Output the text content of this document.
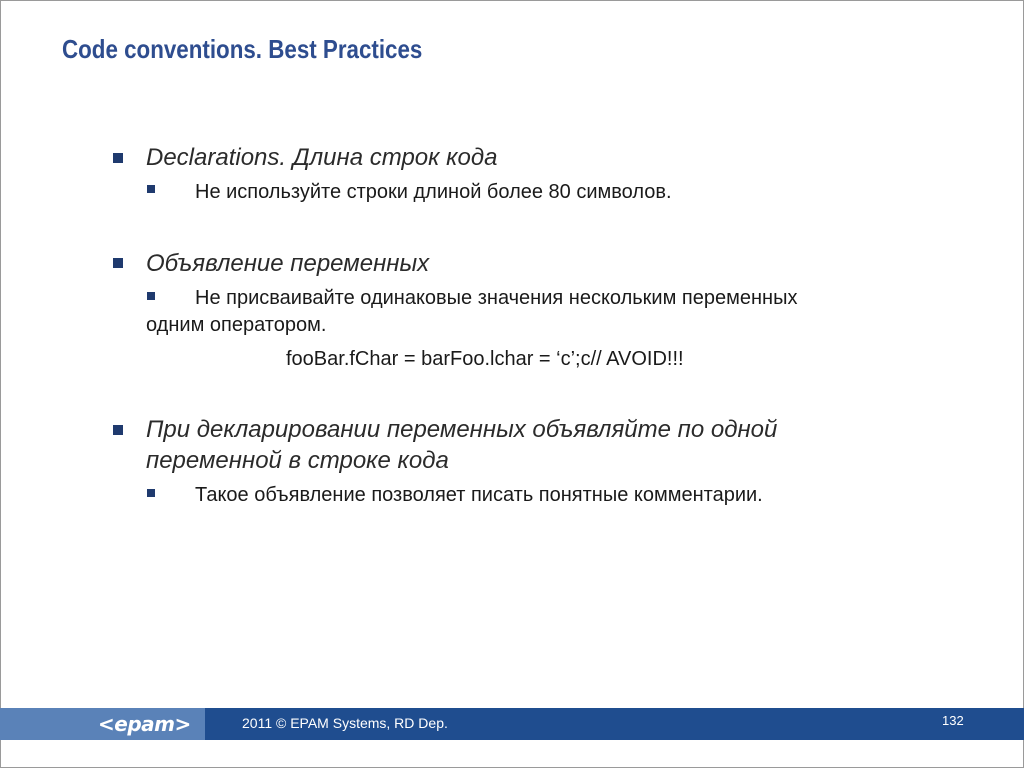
Code conventions. Best Practices
Declarations. Длина строк кода
Не используйте строки длиной более 80 символов.
Объявление переменных
Не присваивайте одинаковые значения нескольким переменных
одним оператором.
fooBar.fChar = barFoo.lchar = ‘c’;c// AVOID!!!
При декларировании переменных объявляйте по одной
переменной в строке кода
Такое объявление позволяет писать понятные комментарии.
<epam>	2011 © EPAM Systems, RD Dep.	132
